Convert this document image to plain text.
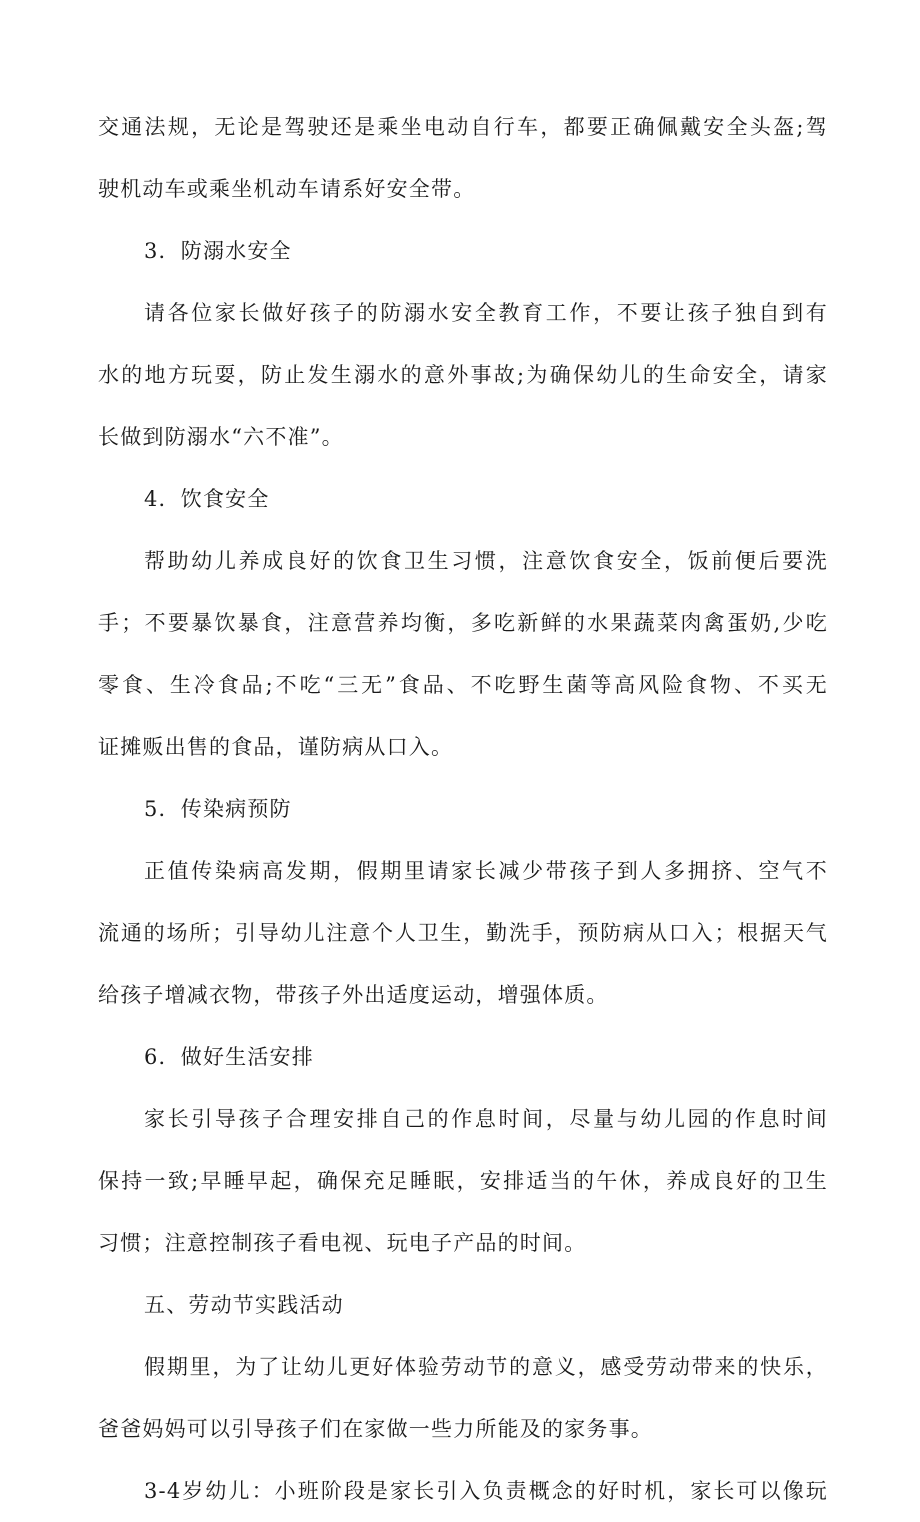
交通法规，无论是驾驶还是乘坐电动自行车，都要正确佩戴安全头盔;驾
驶机动车或乘坐机动车请系好安全带。
3．防溺水安全
请各位家长做好孩子的防溺水安全教育工作，不要让孩子独自到有
水的地方玩耍，防止发生溺水的意外事故;为确保幼儿的生命安全，请家
长做到防溺水“六不准”。
4．饮食安全
帮助幼儿养成良好的饮食卫生习惯，注意饮食安全，饭前便后要洗
手；不要暴饮暴食，注意营养均衡，多吃新鲜的水果蔬菜肉禽蛋奶,少吃
零食、生冷食品;不吃“三无”食品、不吃野生菌等高风险食物、不买无
证摊贩出售的食品，谨防病从口入。
5．传染病预防
正值传染病高发期，假期里请家长减少带孩子到人多拥挤、空气不
流通的场所；引导幼儿注意个人卫生，勤洗手，预防病从口入；根据天气
给孩子增减衣物，带孩子外出适度运动，增强体质。
6．做好生活安排
家长引导孩子合理安排自己的作息时间，尽量与幼儿园的作息时间
保持一致;早睡早起，确保充足睡眠，安排适当的午休，养成良好的卫生
习惯；注意控制孩子看电视、玩电子产品的时间。
五、劳动节实践活动
假期里，为了让幼儿更好体验劳动节的意义，感受劳动带来的快乐，
爸爸妈妈可以引导孩子们在家做一些力所能及的家务事。
3-4岁幼儿：小班阶段是家长引入负责概念的好时机，家长可以像玩
